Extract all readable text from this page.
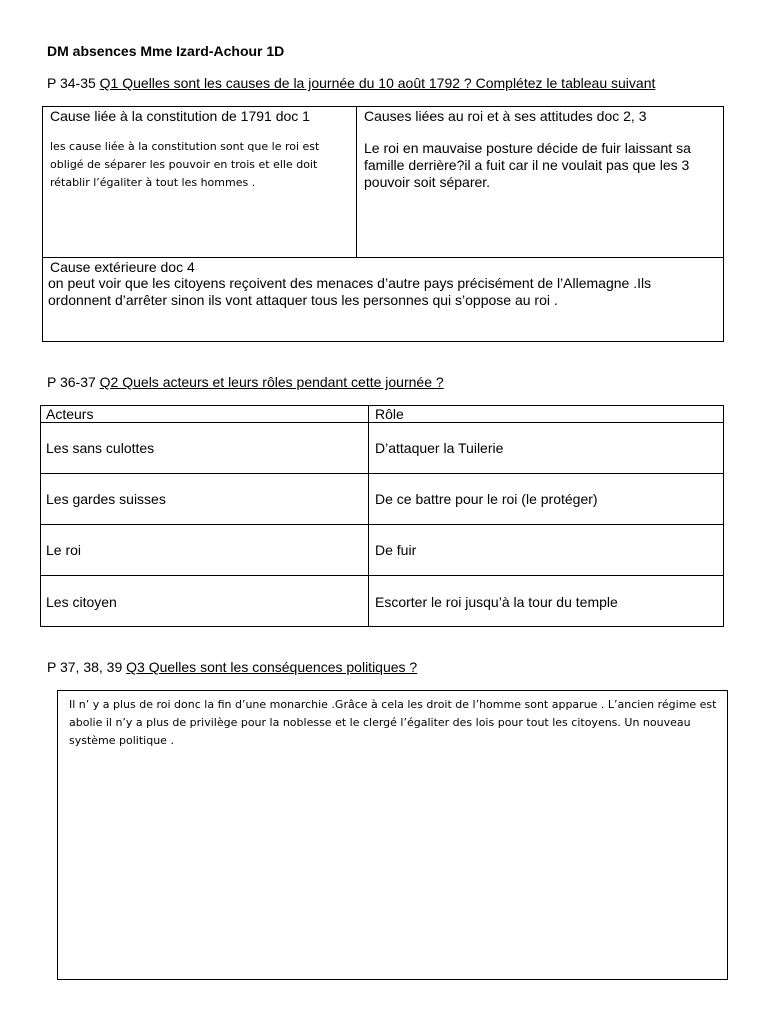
DM absences Mme Izard-Achour 1D
P 34-35 Q1 Quelles sont les causes de la journée du 10 août 1792 ? Complétez le tableau suivant
Cause liée à la constitution de 1791 doc 1
les cause liée à la constitution sont que le roi est obligé de séparer les pouvoir en trois et elle doit rétablir l’égaliter à tout les hommes .
Causes liées au roi et à ses attitudes doc 2, 3
Le roi en mauvaise posture décide de fuir laissant sa famille derrière?il a fuit car il ne voulait pas que les 3 pouvoir soit séparer.
Cause extérieure doc 4
on peut voir que les citoyens reçoivent des menaces d’autre pays précisément de l’Allemagne .Ils ordonnent d’arrêter sinon ils vont attaquer tous les personnes qui s’oppose au roi .
P 36-37 Q2 Quels acteurs et leurs rôles pendant cette journée ?
Acteurs	Rôle
Les sans culottes	D’attaquer la Tuilerie
Les gardes suisses	De ce battre pour le roi (le protéger)
Le roi	De fuir
Les citoyen	Escorter le roi jusqu’à la tour du temple
P 37, 38, 39 Q3 Quelles sont les conséquences politiques ?
Il n’ y a plus de roi donc la fin d’une monarchie .Grâce à cela les droit de l’homme sont apparue . L’ancien régime est abolie il n’y a plus de privilège pour la noblesse et le clergé l’égaliter des lois pour tout les citoyens. Un nouveau système politique .
